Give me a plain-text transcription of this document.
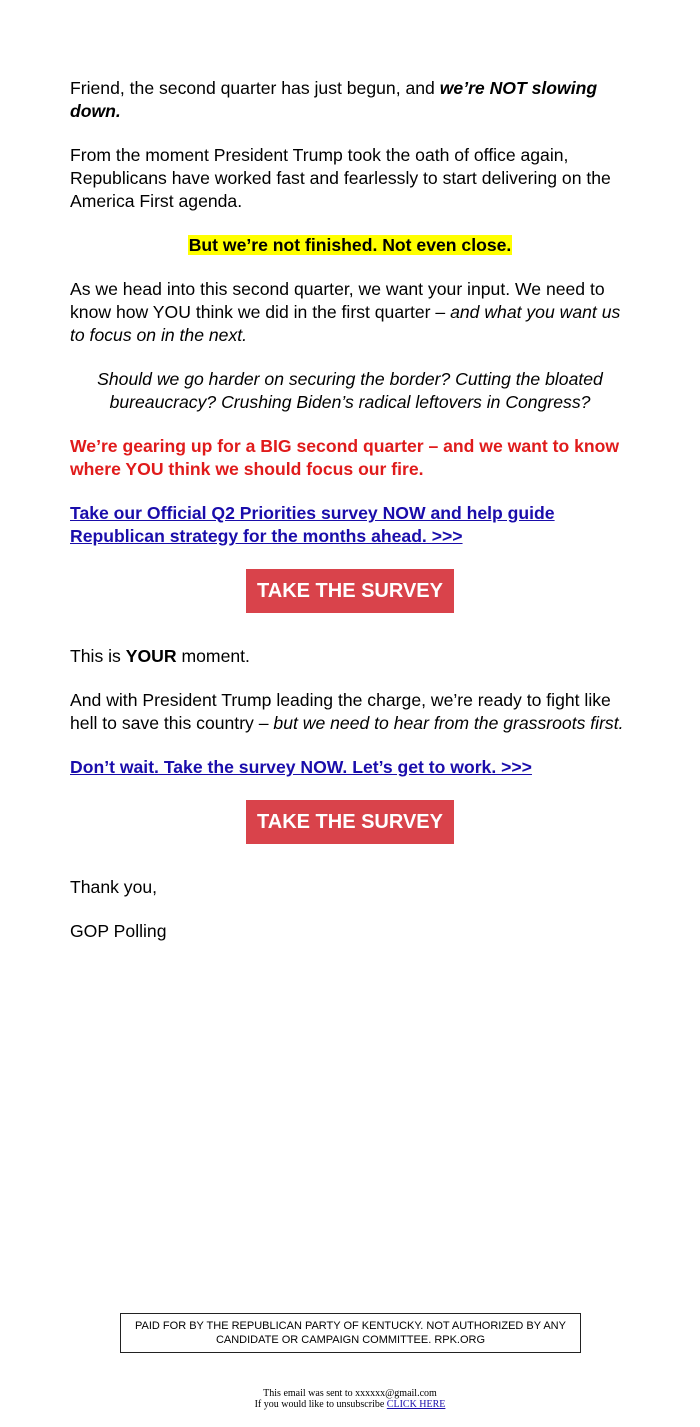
Friend, the second quarter has just begun, and we’re NOT slowing down.

From the moment President Trump took the oath of office again, Republicans have worked fast and fearlessly to start delivering on the America First agenda.

But we’re not finished. Not even close.

As we head into this second quarter, we want your input. We need to know how YOU think we did in the first quarter – and what you want us to focus on in the next.

Should we go harder on securing the border? Cutting the bloated bureaucracy? Crushing Biden’s radical leftovers in Congress?

We’re gearing up for a BIG second quarter – and we want to know where YOU think we should focus our fire.

Take our Official Q2 Priorities survey NOW and help guide Republican strategy for the months ahead. >>>

TAKE THE SURVEY

This is YOUR moment.

And with President Trump leading the charge, we’re ready to fight like hell to save this country – but we need to hear from the grassroots first.

Don’t wait. Take the survey NOW. Let’s get to work. >>>

TAKE THE SURVEY

Thank you,

GOP Polling

PAID FOR BY THE REPUBLICAN PARTY OF KENTUCKY. NOT AUTHORIZED BY ANY CANDIDATE OR CAMPAIGN COMMITTEE. RPK.ORG
This email was sent to xxxxxx@gmail.com
If you would like to unsubscribe CLICK HERE
